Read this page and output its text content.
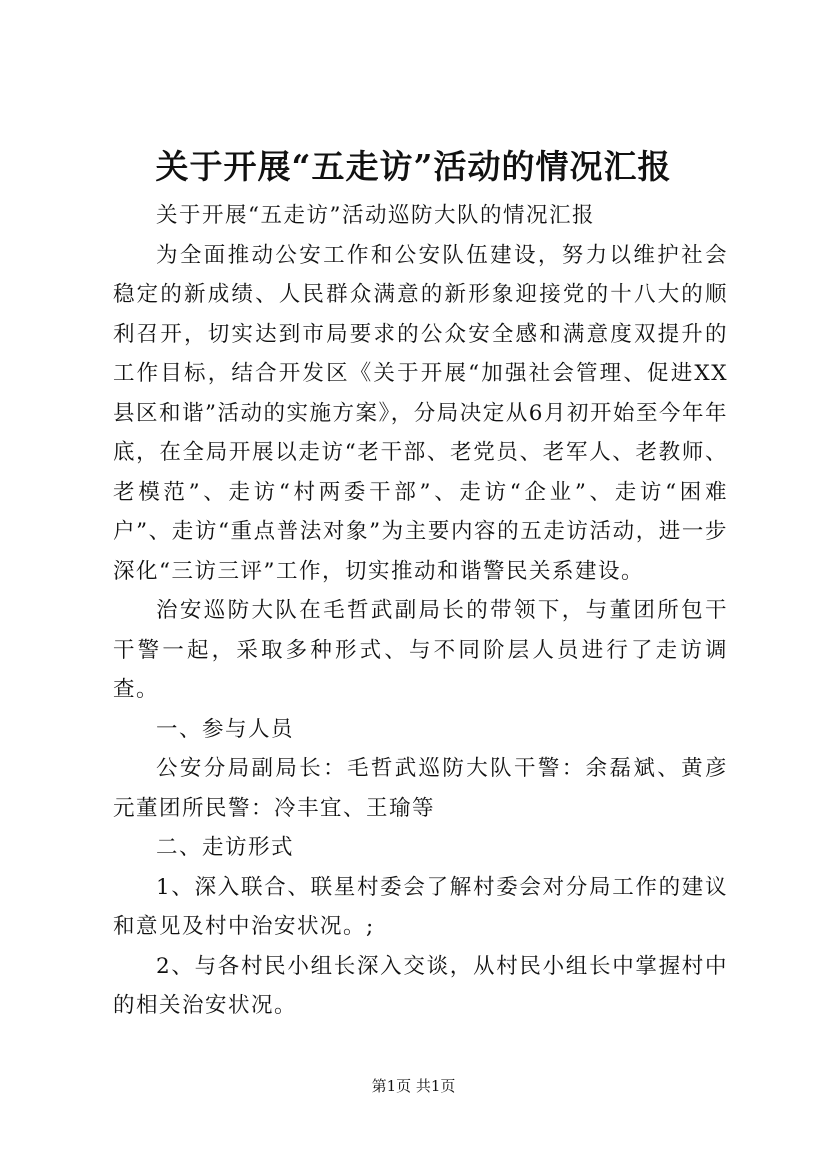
关于开展“五走访”活动的情况汇报

关于开展“五走访”活动巡防大队的情况汇报

为全面推动公安工作和公安队伍建设，努力以维护社会稳定的新成绩、人民群众满意的新形象迎接党的十八大的顺利召开，切实达到市局要求的公众安全感和满意度双提升的工作目标，结合开发区《关于开展“加强社会管理、促进XX县区和谐”活动的实施方案》，分局决定从6月初开始至今年年底，在全局开展以走访“老干部、老党员、老军人、老教师、老模范”、走访“村两委干部”、走访“企业”、走访“困难户”、走访“重点普法对象”为主要内容的五走访活动，进一步深化“三访三评”工作，切实推动和谐警民关系建设。

治安巡防大队在毛哲武副局长的带领下，与董团所包干干警一起，采取多种形式、与不同阶层人员进行了走访调查。

一、参与人员

公安分局副局长：毛哲武巡防大队干警：余磊斌、黄彦元董团所民警：冷丰宜、王瑜等

二、走访形式

1、深入联合、联星村委会了解村委会对分局工作的建议和意见及村中治安状况。;

2、与各村民小组长深入交谈，从村民小组长中掌握村中的相关治安状况。

第1页 共1页
